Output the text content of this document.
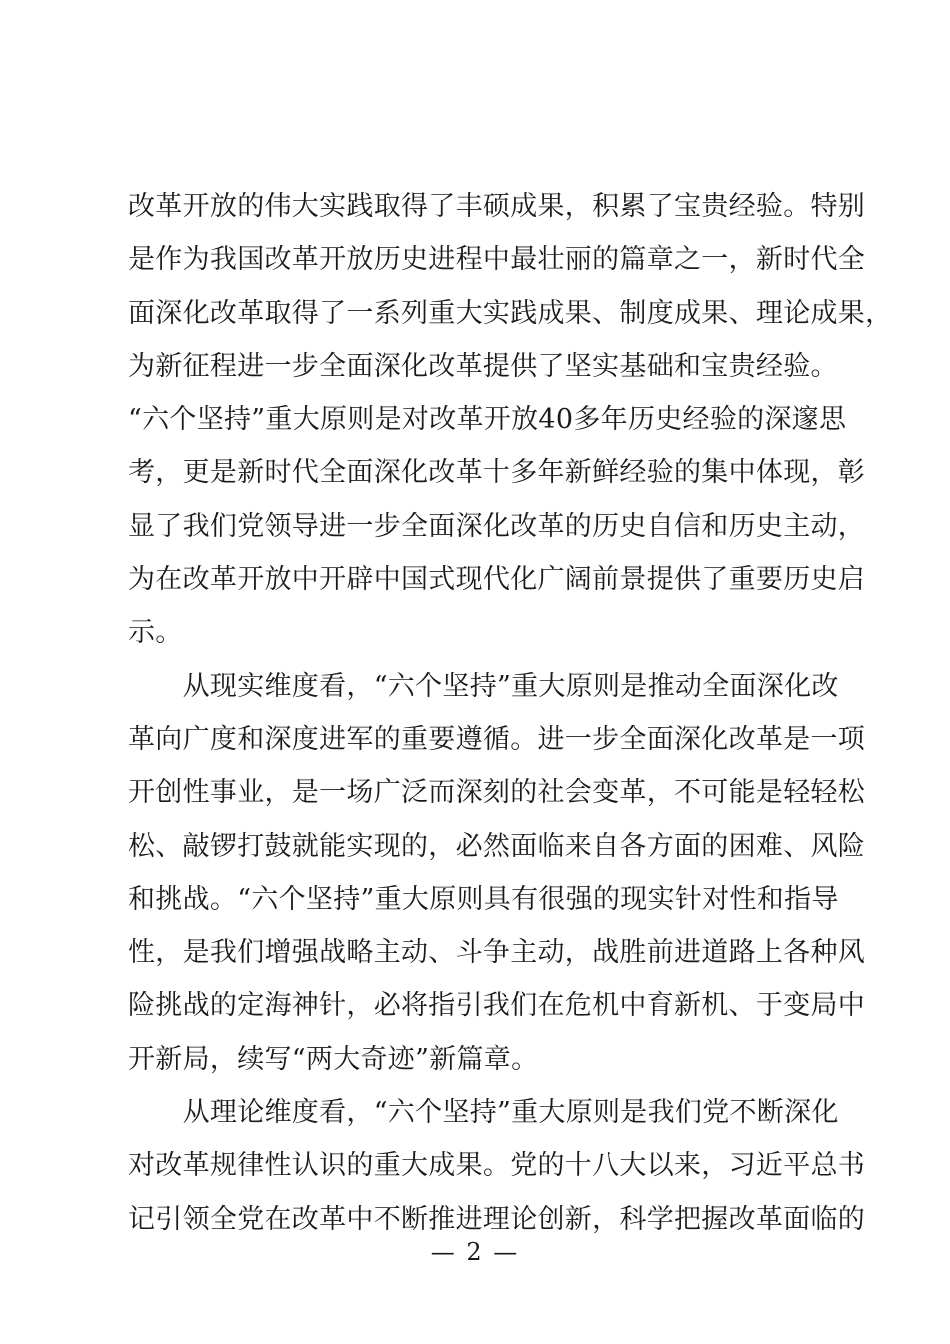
改革开放的伟大实践取得了丰硕成果，积累了宝贵经验。特别
是作为我国改革开放历史进程中最壮丽的篇章之一，新时代全
面深化改革取得了一系列重大实践成果、制度成果、理论成果，
为新征程进一步全面深化改革提供了坚实基础和宝贵经验。
“六个坚持”重大原则是对改革开放40多年历史经验的深邃思
考，更是新时代全面深化改革十多年新鲜经验的集中体现，彰
显了我们党领导进一步全面深化改革的历史自信和历史主动，
为在改革开放中开辟中国式现代化广阔前景提供了重要历史启
示。
　　从现实维度看，“六个坚持”重大原则是推动全面深化改
革向广度和深度进军的重要遵循。进一步全面深化改革是一项
开创性事业，是一场广泛而深刻的社会变革，不可能是轻轻松
松、敲锣打鼓就能实现的，必然面临来自各方面的困难、风险
和挑战。“六个坚持”重大原则具有很强的现实针对性和指导
性，是我们增强战略主动、斗争主动，战胜前进道路上各种风
险挑战的定海神针，必将指引我们在危机中育新机、于变局中
开新局，续写“两大奇迹”新篇章。
　　从理论维度看，“六个坚持”重大原则是我们党不断深化
对改革规律性认识的重大成果。党的十八大以来，习近平总书
记引领全党在改革中不断推进理论创新，科学把握改革面临的
— 2 —
